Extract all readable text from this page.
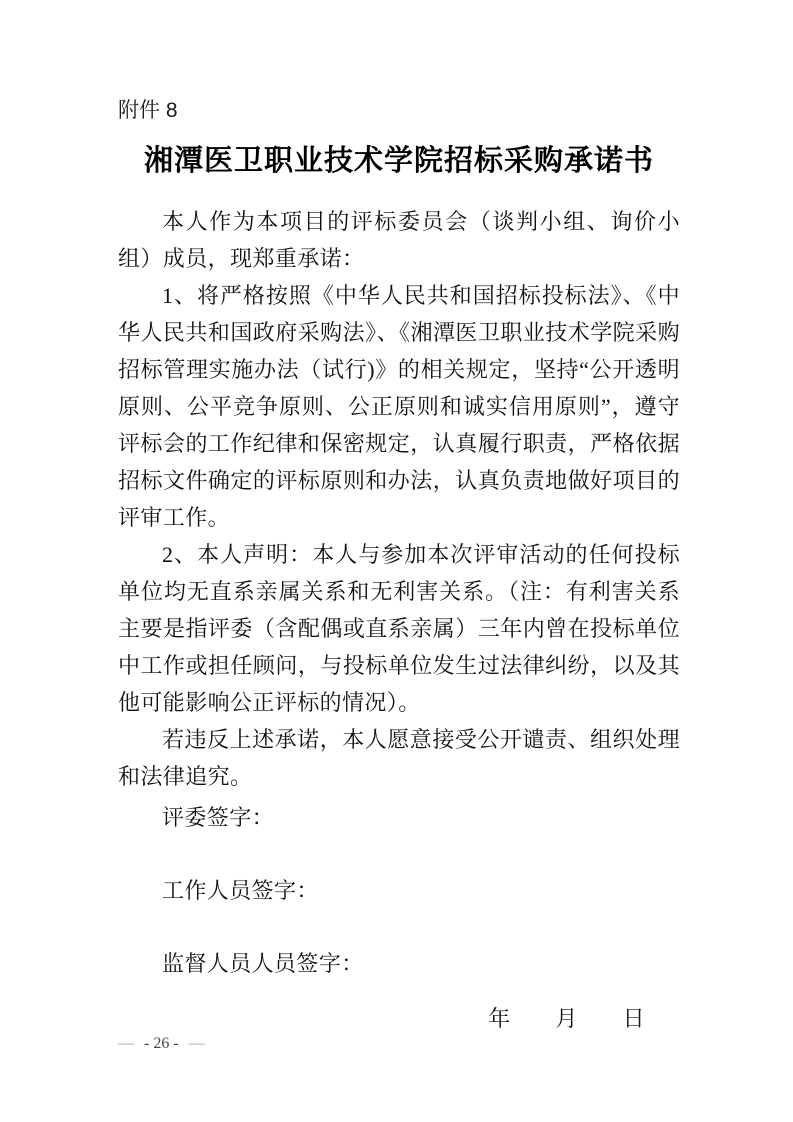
附件 8
湘潭医卫职业技术学院招标采购承诺书

本人作为本项目的评标委员会（谈判小组、询价小组）成员，现郑重承诺：

1、将严格按照《中华人民共和国招标投标法》、《中华人民共和国政府采购法》、《湘潭医卫职业技术学院采购招标管理实施办法（试行)》的相关规定，坚持“公开透明原则、公平竞争原则、公正原则和诚实信用原则”，遵守评标会的工作纪律和保密规定，认真履行职责，严格依据招标文件确定的评标原则和办法，认真负责地做好项目的评审工作。

2、本人声明：本人与参加本次评审活动的任何投标单位均无直系亲属关系和无利害关系。（注：有利害关系主要是指评委（含配偶或直系亲属）三年内曾在投标单位中工作或担任顾问，与投标单位发生过法律纠纷，以及其他可能影响公正评标的情况）。

若违反上述承诺，本人愿意接受公开谴责、组织处理和法律追究。

评委签字：

工作人员签字：

监督人员人员签字：

年　　月　　日

— - 26 - —
